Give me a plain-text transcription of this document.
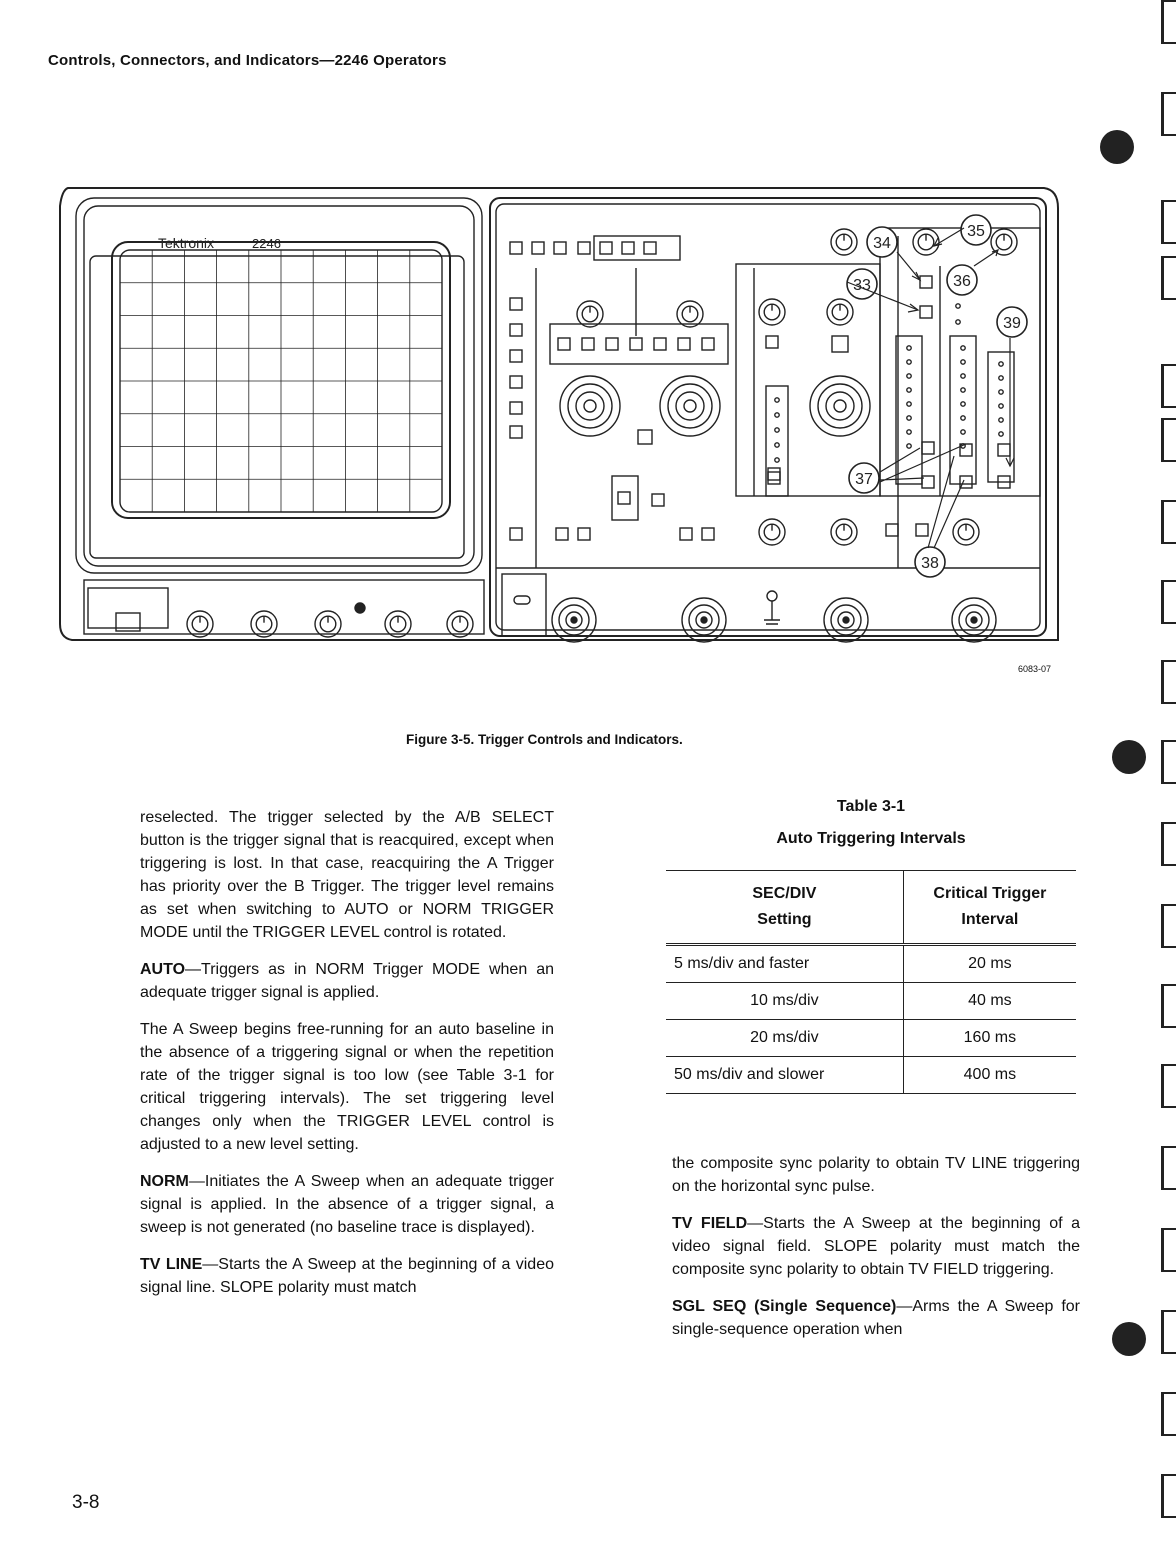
Controls, Connectors, and Indicators—2246 Operators
Tektronix	2246
33
34
35
36
37
38
39
6083-07
Figure 3-5. Trigger Controls and Indicators.

reselected. The trigger selected by the A/B SELECT button is the trigger signal that is reacquired, except when triggering is lost. In that case, reacquiring the A Trigger has priority over the B Trigger. The trigger level remains as set when switching to AUTO or NORM TRIGGER MODE until the TRIGGER LEVEL control is rotated.

AUTO—Triggers as in NORM Trigger MODE when an adequate trigger signal is applied.

The A Sweep begins free-running for an auto baseline in the absence of a triggering signal or when the repetition rate of the trigger signal is too low (see Table 3-1 for critical triggering intervals). The set triggering level changes only when the TRIGGER LEVEL control is adjusted to a new level setting.

NORM—Initiates the A Sweep when an adequate trigger signal is applied. In the absence of a trigger signal, a sweep is not generated (no baseline trace is displayed).

TV LINE—Starts the A Sweep at the beginning of a video signal line. SLOPE polarity must match

Table 3-1
Auto Triggering Intervals
SEC/DIV
Setting	Critical Trigger
Interval
5 ms/div and faster	20 ms
10 ms/div	40 ms
20 ms/div	160 ms
50 ms/div and slower	400 ms

the composite sync polarity to obtain TV LINE triggering on the horizontal sync pulse.

TV FIELD—Starts the A Sweep at the beginning of a video signal field. SLOPE polarity must match the composite sync polarity to obtain TV FIELD triggering.

SGL SEQ (Single Sequence)—Arms the A Sweep for single-sequence operation when

3-8
